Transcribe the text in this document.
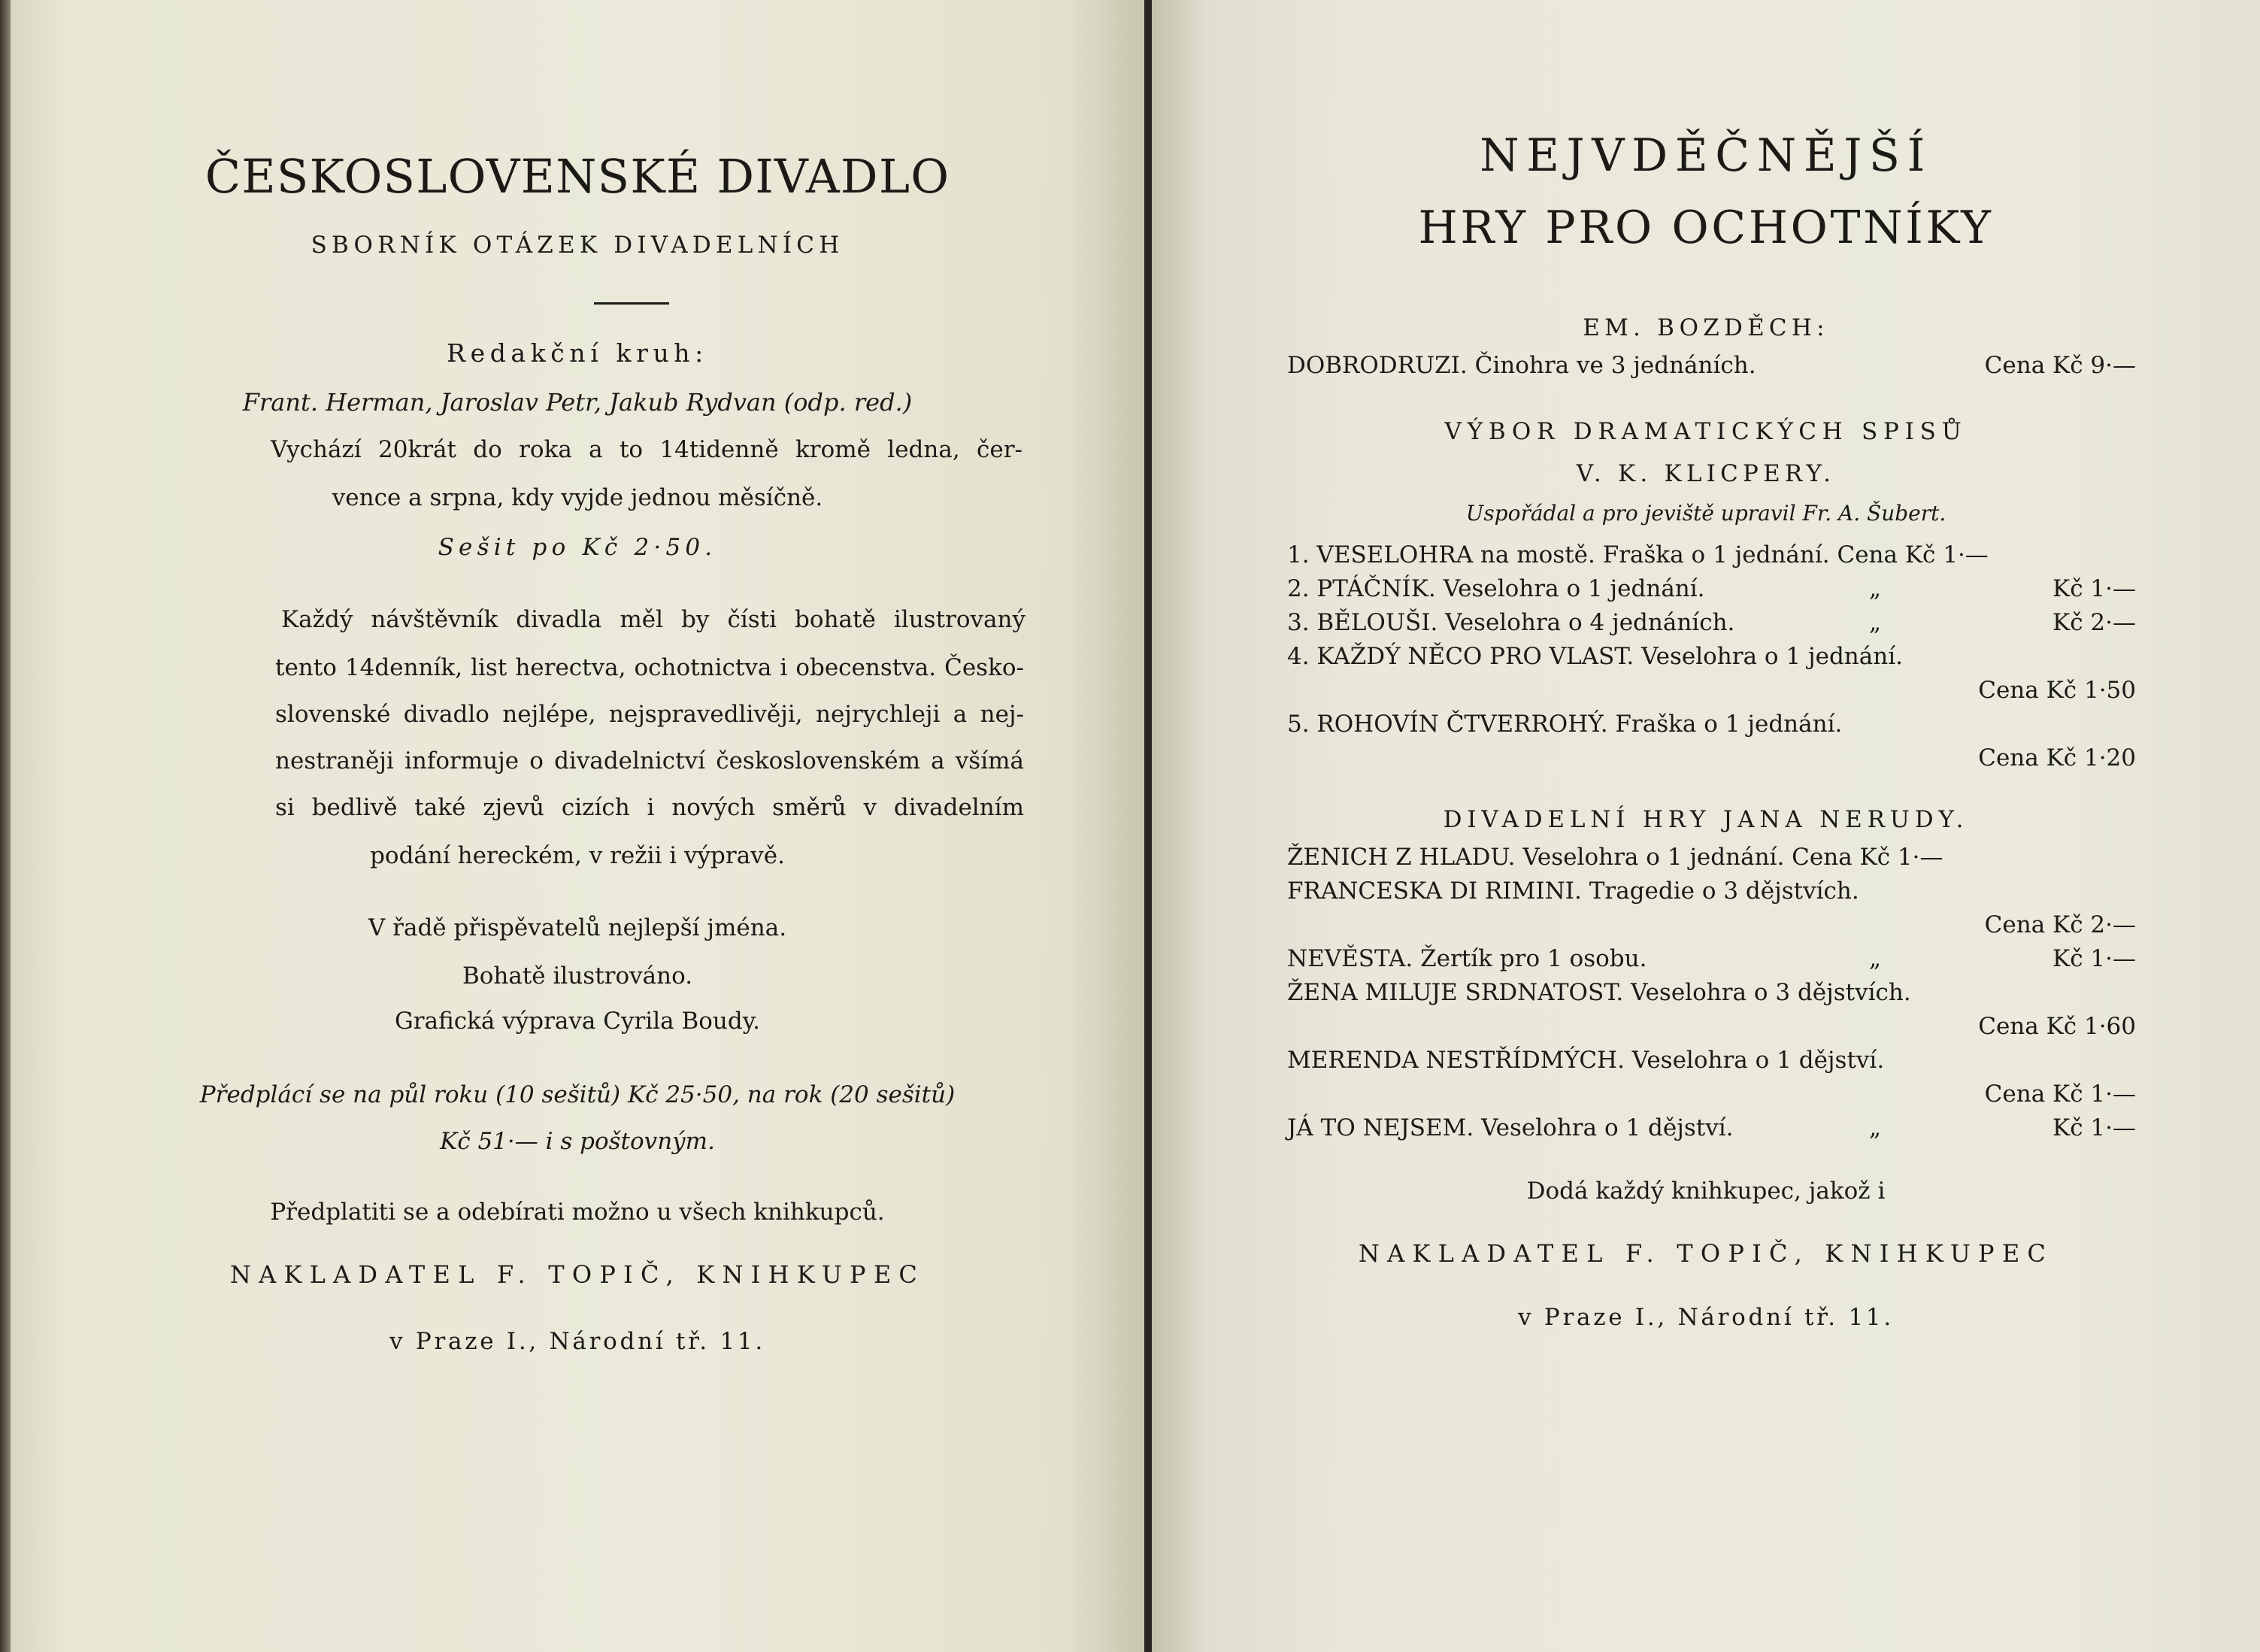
ČESKOSLOVENSKÉ DIVADLO
SBORNÍK OTÁZEK DIVADELNÍCH
Redakční kruh:
Frant. Herman, Jaroslav Petr, Jakub Rydvan (odp. red.)
Vychází 20krát do roka a to 14tidenně kromě ledna, čer-
vence a srpna, kdy vyjde jednou měsíčně.
Sešit po Kč 2·50.
Každý návštěvník divadla měl by čísti bohatě ilustrovaný
tento 14denník, list herectva, ochotnictva i obecenstva. Česko-
slovenské divadlo nejlépe, nejspravedlivěji, nejrychleji a nej-
nestraněji informuje o divadelnictví československém a všímá
si bedlivě také zjevů cizích i nových směrů v divadelním
podání hereckém, v režii i výpravě.
V řadě přispěvatelů nejlepší jména.
Bohatě ilustrováno.
Grafická výprava Cyrila Boudy.
Předplácí se na půl roku (10 sešitů) Kč 25·50, na rok (20 sešitů)
Kč 51·— i s poštovným.
Předplatiti se a odebírati možno u všech knihkupců.
NAKLADATEL F. TOPIČ, KNIHKUPEC
v Praze I., Národní tř. 11.
NEJVDĚČNĚJŠÍ
HRY PRO OCHOTNÍKY
EM. BOZDĚCH:
DOBRODRUZI. Činohra ve 3 jednáních.	Cena Kč 9·—
VÝBOR DRAMATICKÝCH SPISŮ
V. K. KLICPERY.
Uspořádal a pro jeviště upravil Fr. A. Šubert.
1. VESELOHRA na mostě. Fraška o 1 jednání. Cena Kč 1·—
2. PTÁČNÍK. Veselohra o 1 jednání.	„	Kč 1·—
3. BĚLOUŠI. Veselohra o 4 jednáních.	„	Kč 2·—
4. KAŽDÝ NĚCO PRO VLAST. Veselohra o 1 jednání.
Cena Kč 1·50
5. ROHOVÍN ČTVERROHÝ. Fraška o 1 jednání.
Cena Kč 1·20
DIVADELNÍ HRY JANA NERUDY.
ŽENICH Z HLADU. Veselohra o 1 jednání. Cena Kč 1·—
FRANCESKA DI RIMINI. Tragedie o 3 dějstvích.
Cena Kč 2·—
NEVĚSTA. Žertík pro 1 osobu.	„	Kč 1·—
ŽENA MILUJE SRDNATOST. Veselohra o 3 dějstvích.
Cena Kč 1·60
MERENDA NESTŘÍDMÝCH. Veselohra o 1 dějství.
Cena Kč 1·—
JÁ TO NEJSEM. Veselohra o 1 dějství.	„	Kč 1·—
Dodá každý knihkupec, jakož i
NAKLADATEL F. TOPIČ, KNIHKUPEC
v Praze I., Národní tř. 11.
